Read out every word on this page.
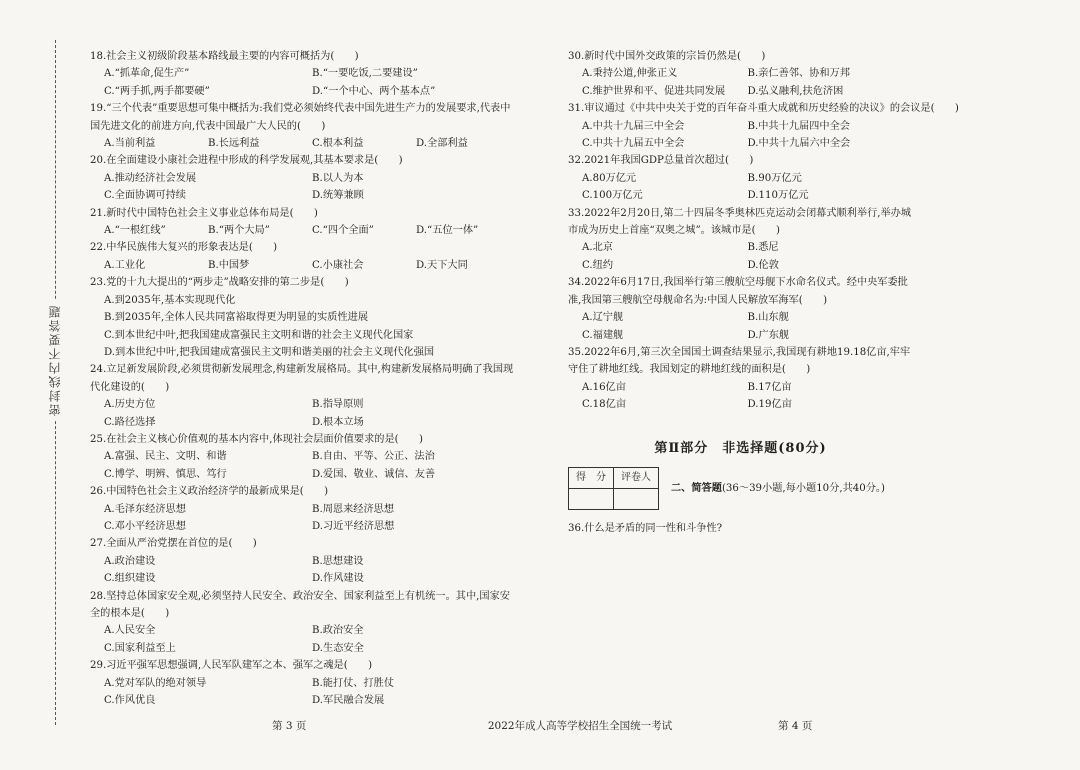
密封线内不要答题
18.社会主义初级阶段基本路线最主要的内容可概括为(　　)
A.“抓革命,促生产”	B.“一要吃饭,二要建设”
C.“两手抓,两手都要硬”	D.“一个中心、两个基本点”
19.“三个代表”重要思想可集中概括为:我们党必须始终代表中国先进生产力的发展要求,代表中国先进文化的前进方向,代表中国最广大人民的(　　)
A.当前利益	B.长远利益	C.根本利益	D.全部利益
20.在全面建设小康社会进程中形成的科学发展观,其基本要求是(　　)
A.推动经济社会发展	B.以人为本
C.全面协调可持续	D.统筹兼顾
21.新时代中国特色社会主义事业总体布局是(　　)
A.“一根红线”	B.“两个大局”	C.“四个全面”	D.“五位一体”
22.中华民族伟大复兴的形象表达是(　　)
A.工业化	B.中国梦	C.小康社会	D.天下大同
23.党的十九大提出的“两步走”战略安排的第二步是(　　)
A.到2035年,基本实现现代化
B.到2035年,全体人民共同富裕取得更为明显的实质性进展
C.到本世纪中叶,把我国建成富强民主文明和谐的社会主义现代化国家
D.到本世纪中叶,把我国建成富强民主文明和谐美丽的社会主义现代化强国
24.立足新发展阶段,必须贯彻新发展理念,构建新发展格局。其中,构建新发展格局明确了我国现代化建设的(　　)
A.历史方位	B.指导原则
C.路径选择	D.根本立场
25.在社会主义核心价值观的基本内容中,体现社会层面价值要求的是(　　)
A.富强、民主、文明、和谐	B.自由、平等、公正、法治
C.博学、明辨、慎思、笃行	D.爱国、敬业、诚信、友善
26.中国特色社会主义政治经济学的最新成果是(　　)
A.毛泽东经济思想	B.周恩来经济思想
C.邓小平经济思想	D.习近平经济思想
27.全面从严治党摆在首位的是(　　)
A.政治建设	B.思想建设
C.组织建设	D.作风建设
28.坚持总体国家安全观,必须坚持人民安全、政治安全、国家利益至上有机统一。其中,国家安全的根本是(　　)
A.人民安全	B.政治安全
C.国家利益至上	D.生态安全
29.习近平强军思想强调,人民军队建军之本、强军之魂是(　　)
A.党对军队的绝对领导	B.能打仗、打胜仗
C.作风优良	D.军民融合发展
30.新时代中国外交政策的宗旨仍然是(　　)
A.秉持公道,伸张正义	B.亲仁善邻、协和万邦
C.维护世界和平、促进共同发展	D.弘义融利,扶危济困
31.审议通过《中共中央关于党的百年奋斗重大成就和历史经验的决议》的会议是(　　)
A.中共十九届三中全会	B.中共十九届四中全会
C.中共十九届五中全会	D.中共十九届六中全会
32.2021年我国GDP总量首次超过(　　)
A.80万亿元	B.90万亿元
C.100万亿元	D.110万亿元
33.2022年2月20日,第二十四届冬季奥林匹克运动会闭幕式顺利举行,举办城市成为历史上首座“双奥之城”。该城市是(　　)
A.北京	B.悉尼
C.纽约	D.伦敦
34.2022年6月17日,我国举行第三艘航空母舰下水命名仪式。经中央军委批准,我国第三艘航空母舰命名为:中国人民解放军海军(　　)
A.辽宁舰	B.山东舰
C.福建舰	D.广东舰
35.2022年6月,第三次全国国土调查结果显示,我国现有耕地19.18亿亩,牢牢守住了耕地红线。我国划定的耕地红线的面积是(　　)
A.16亿亩	B.17亿亩
C.18亿亩	D.19亿亩
第Ⅱ部分　非选择题(80分)
得　分	评卷人

二、简答题(36～39小题,每小题10分,共40分。)
36.什么是矛盾的同一性和斗争性?
第 3 页	2022年成人高等学校招生全国统一考试	第 4 页
